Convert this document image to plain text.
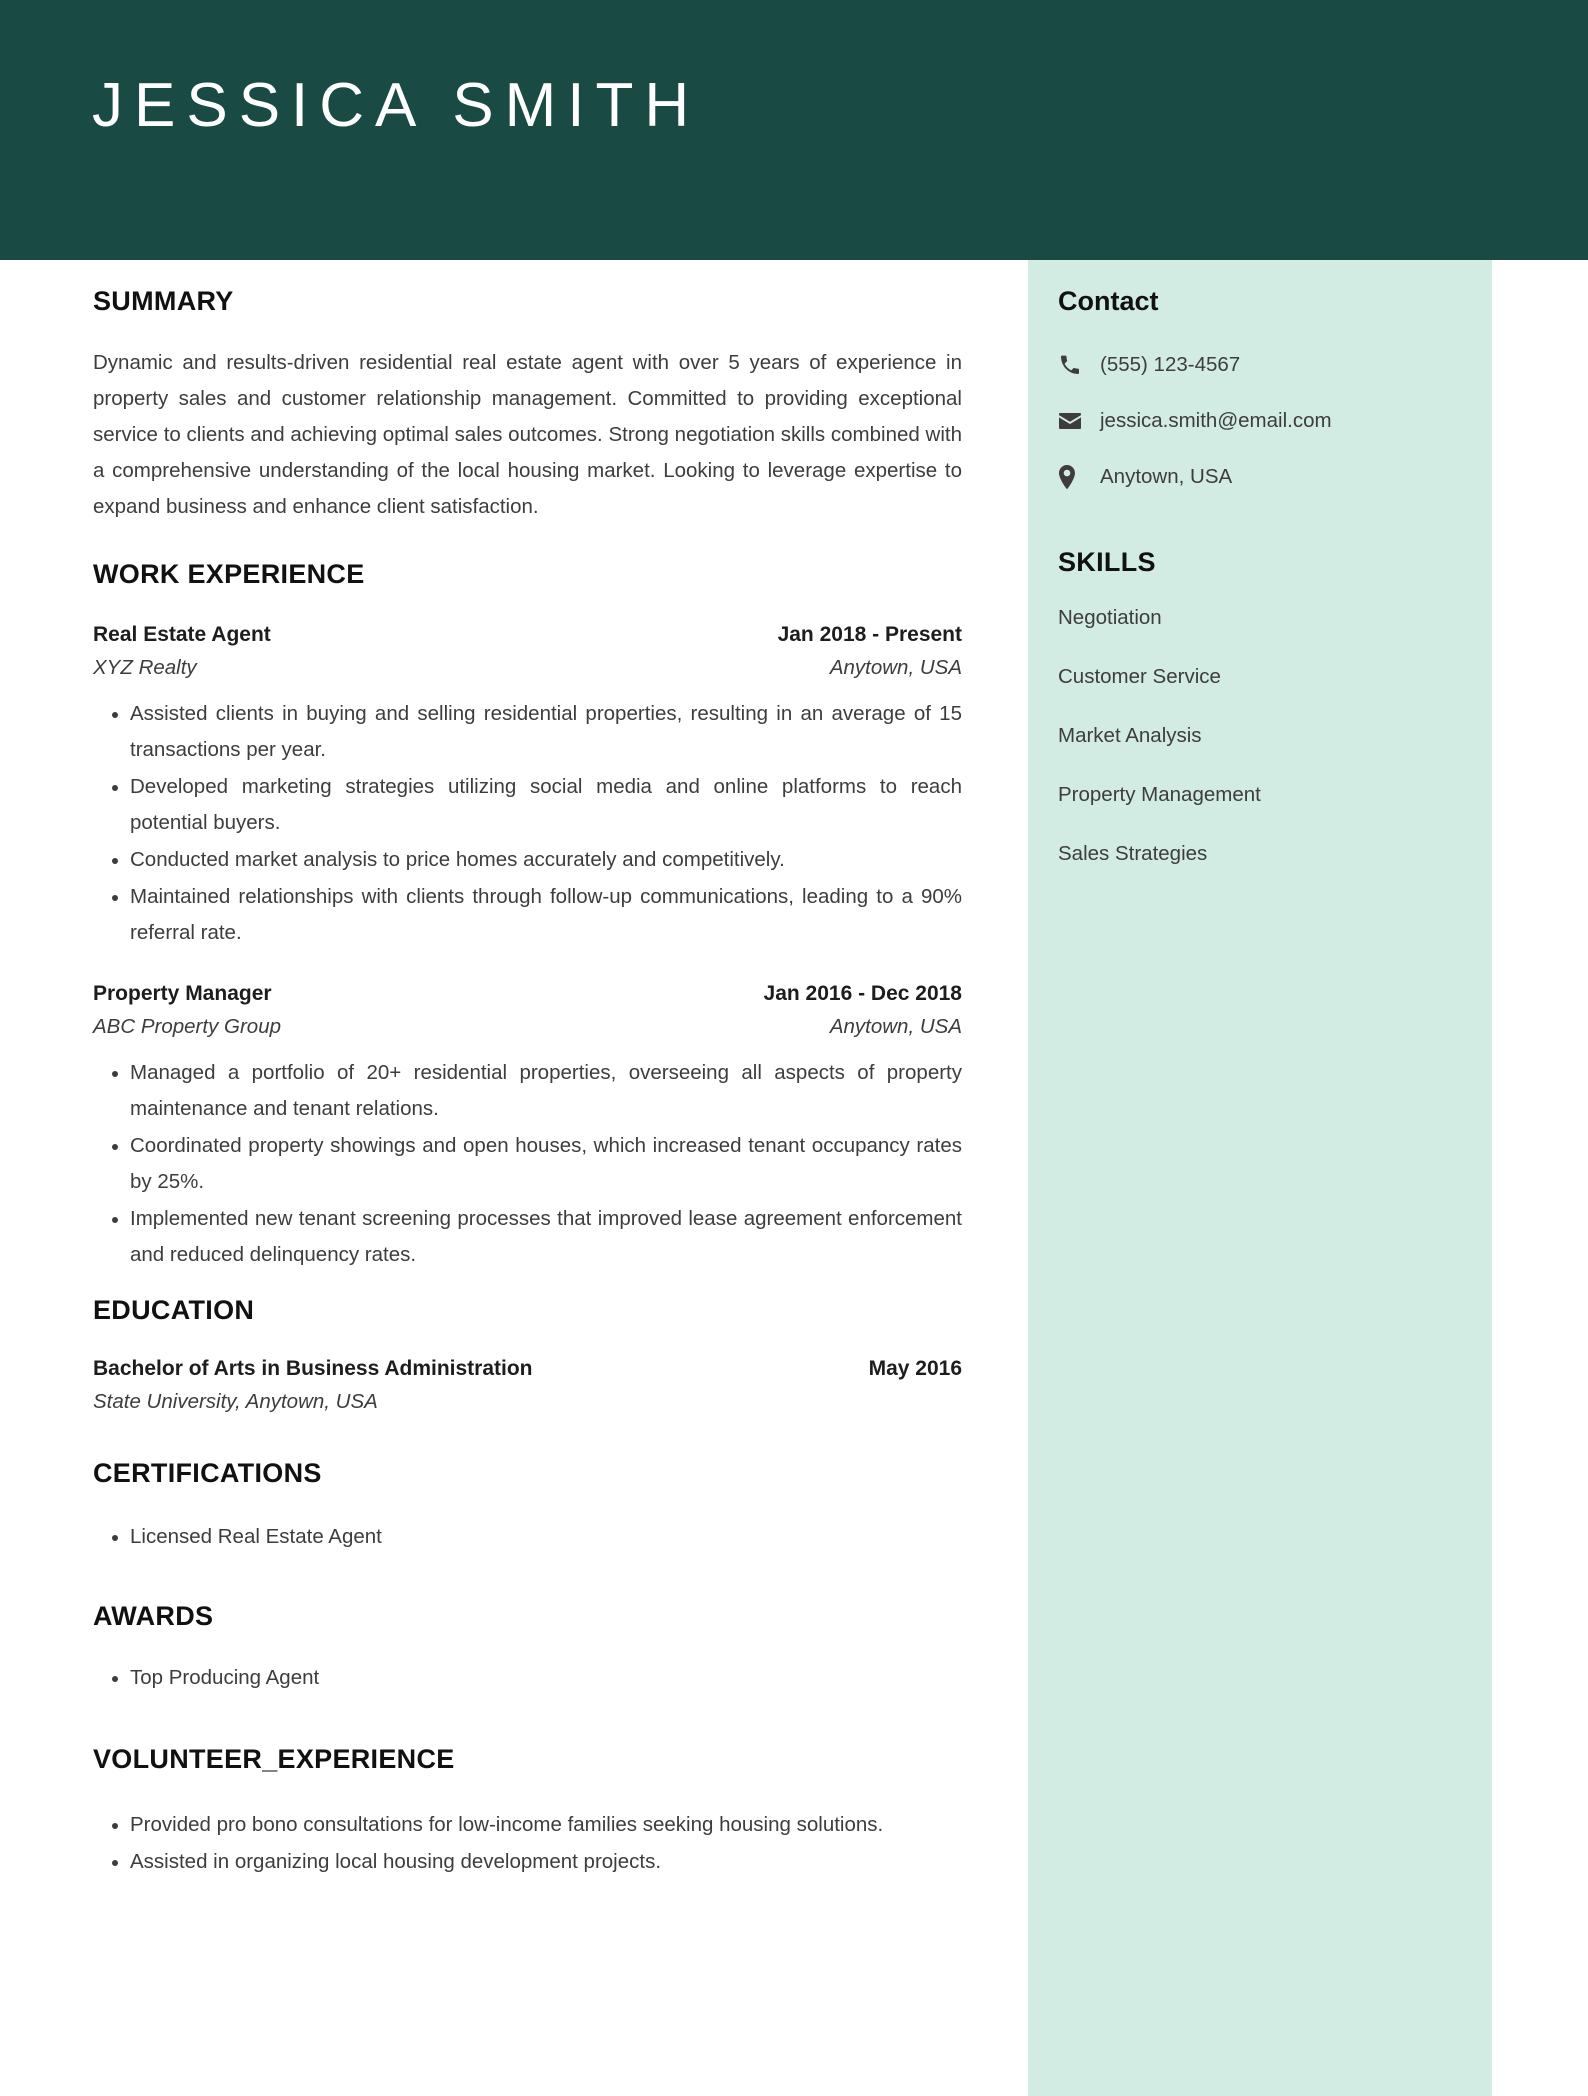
JESSICA SMITH
SUMMARY

Dynamic and results-driven residential real estate agent with over 5 years of experience in property sales and customer relationship management. Committed to providing exceptional service to clients and achieving optimal sales outcomes. Strong negotiation skills combined with a comprehensive understanding of the local housing market. Looking to leverage expertise to expand business and enhance client satisfaction.

WORK EXPERIENCE
Real Estate Agent	Jan 2018 - Present
XYZ Realty	Anytown, USA
Assisted clients in buying and selling residential properties, resulting in an average of 15 transactions per year.
Developed marketing strategies utilizing social media and online platforms to reach potential buyers.
Conducted market analysis to price homes accurately and competitively.
Maintained relationships with clients through follow-up communications, leading to a 90% referral rate.
Property Manager	Jan 2016 - Dec 2018
ABC Property Group	Anytown, USA
Managed a portfolio of 20+ residential properties, overseeing all aspects of property maintenance and tenant relations.
Coordinated property showings and open houses, which increased tenant occupancy rates by 25%.
Implemented new tenant screening processes that improved lease agreement enforcement and reduced delinquency rates.
EDUCATION
Bachelor of Arts in Business Administration	May 2016
State University, Anytown, USA
CERTIFICATIONS
Licensed Real Estate Agent
AWARDS
Top Producing Agent
VOLUNTEER_EXPERIENCE
Provided pro bono consultations for low-income families seeking housing solutions.
Assisted in organizing local housing development projects.
Contact
(555) 123-4567
jessica.smith@email.com
Anytown, USA
SKILLS
Negotiation
Customer Service
Market Analysis
Property Management
Sales Strategies
